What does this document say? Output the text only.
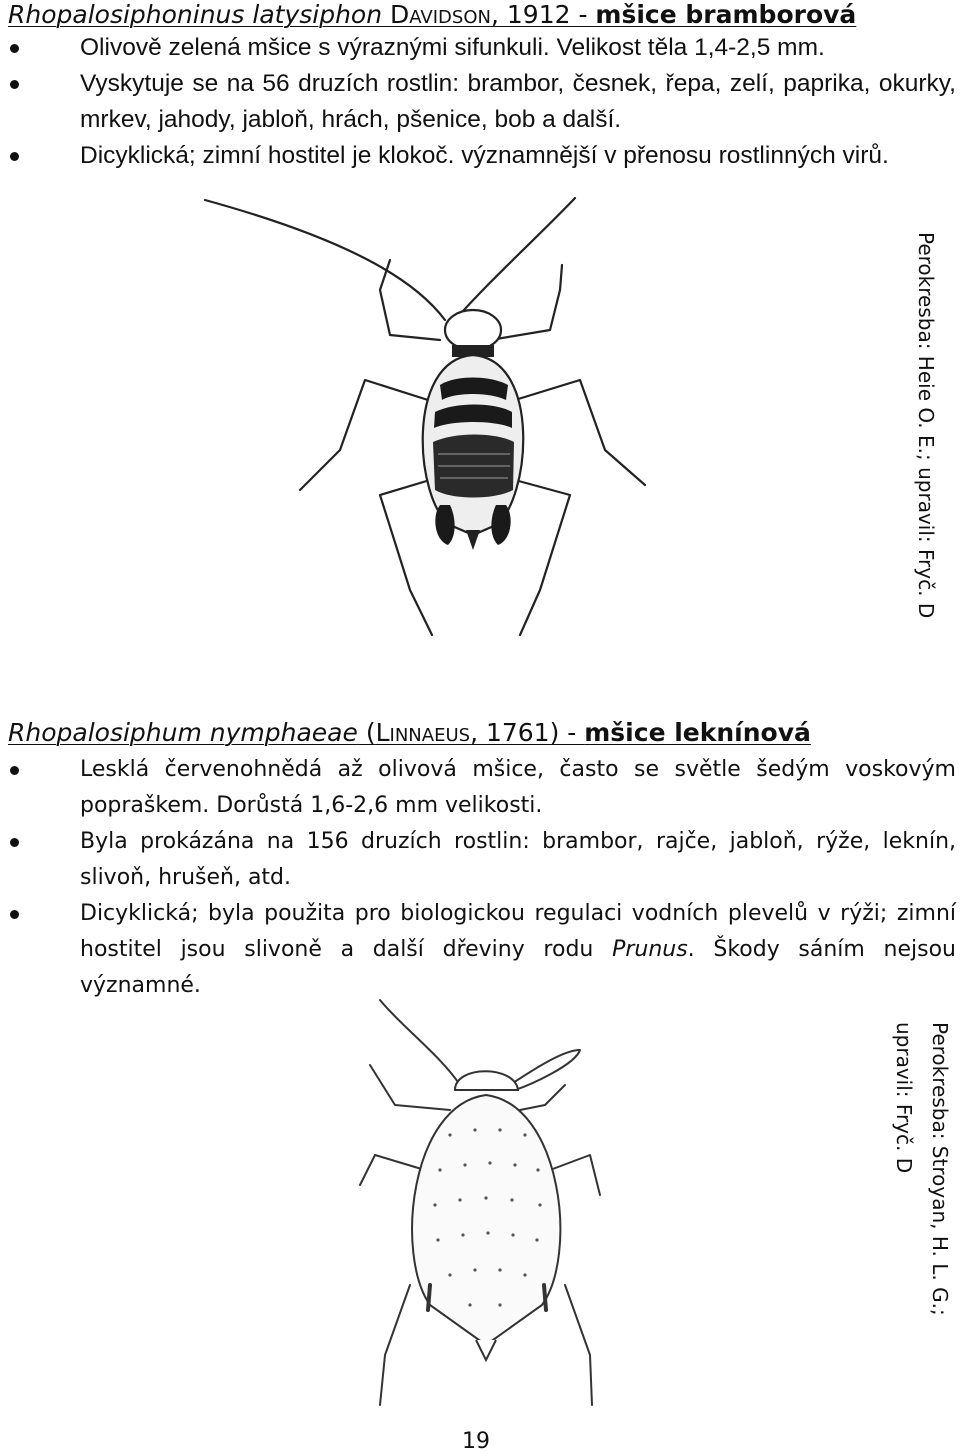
Rhopalosiphoninus latysiphon Davidson, 1912 - mšice bramborová
Olivově zelená mšice s výraznými sifunkuli. Velikost těla 1,4-2,5 mm.
Vyskytuje se na 56 druzích rostlin: brambor, česnek, řepa, zelí, paprika, okurky, mrkev, jahody, jabloň, hrách, pšenice, bob a další.
Dicyklická; zimní hostitel je klokoč. významnější v přenosu rostlinných virů.
Perokresba: Heie O. E.; upravil: Fryč. D
Rhopalosiphum nymphaeae (Linnaeus, 1761) - mšice leknínová
Lesklá červenohnědá až olivová mšice, často se světle šedým voskovým popraškem. Dorůstá 1,6-2,6 mm velikosti.
Byla prokázána na 156 druzích rostlin: brambor, rajče, jabloň, rýže, leknín, slivoň, hrušeň, atd.
Dicyklická; byla použita pro biologickou regulaci vodních plevelů v rýži; zimní hostitel jsou slivoně a další dřeviny rodu Prunus. Škody sáním nejsou významné.
Perokresba: Stroyan, H. L. G.;
upravil: Fryč. D
19
